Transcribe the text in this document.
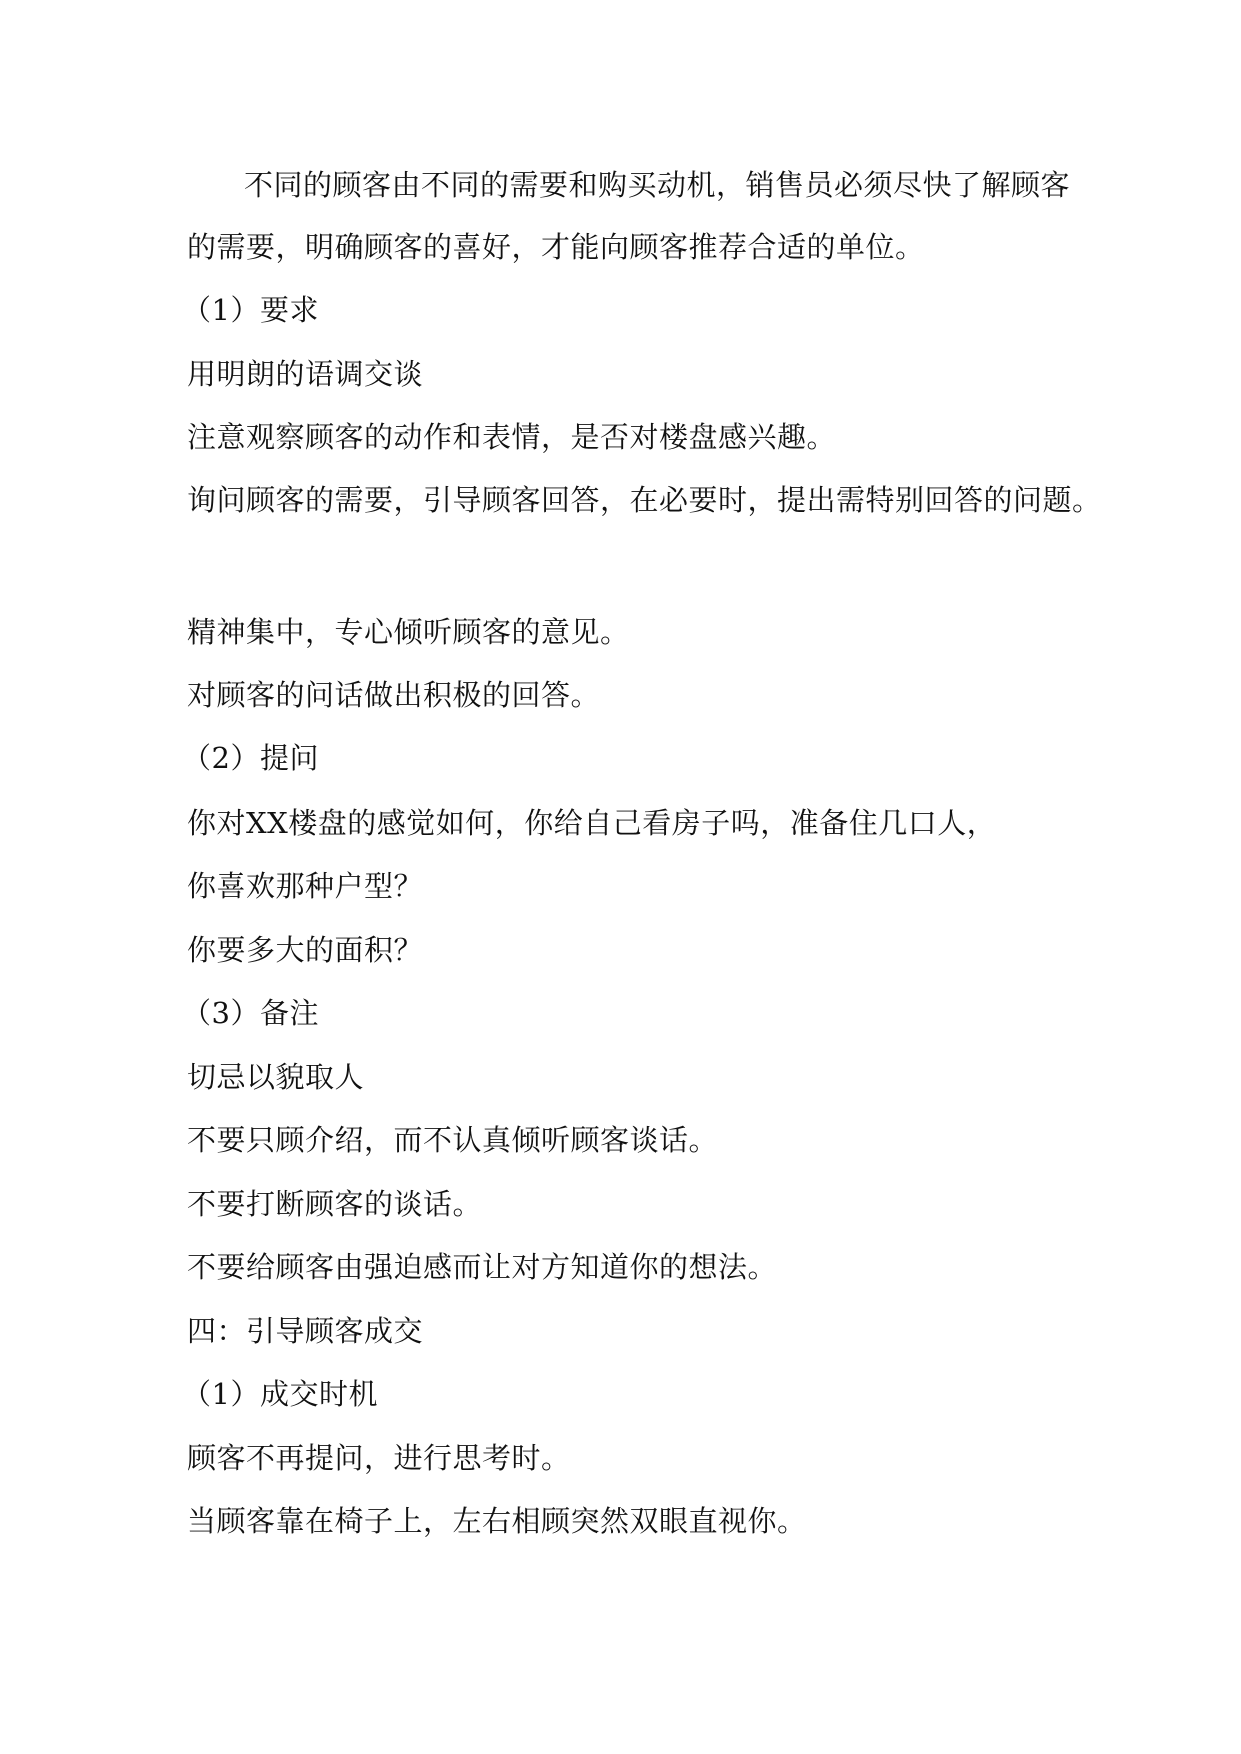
不同的顾客由不同的需要和购买动机，销售员必须尽快了解顾客
的需要，明确顾客的喜好，才能向顾客推荐合适的单位。
（1）要求
用明朗的语调交谈
注意观察顾客的动作和表情，是否对楼盘感兴趣。
询问顾客的需要，引导顾客回答，在必要时，提出需特别回答的问题。
精神集中，专心倾听顾客的意见。
对顾客的问话做出积极的回答。
（2）提问
你对XX楼盘的感觉如何，你给自己看房子吗，准备住几口人，
你喜欢那种户型？
你要多大的面积？
（3）备注
切忌以貌取人
不要只顾介绍，而不认真倾听顾客谈话。
不要打断顾客的谈话。
不要给顾客由强迫感而让对方知道你的想法。
四：引导顾客成交
（1）成交时机
顾客不再提问，进行思考时。
当顾客靠在椅子上，左右相顾突然双眼直视你。
